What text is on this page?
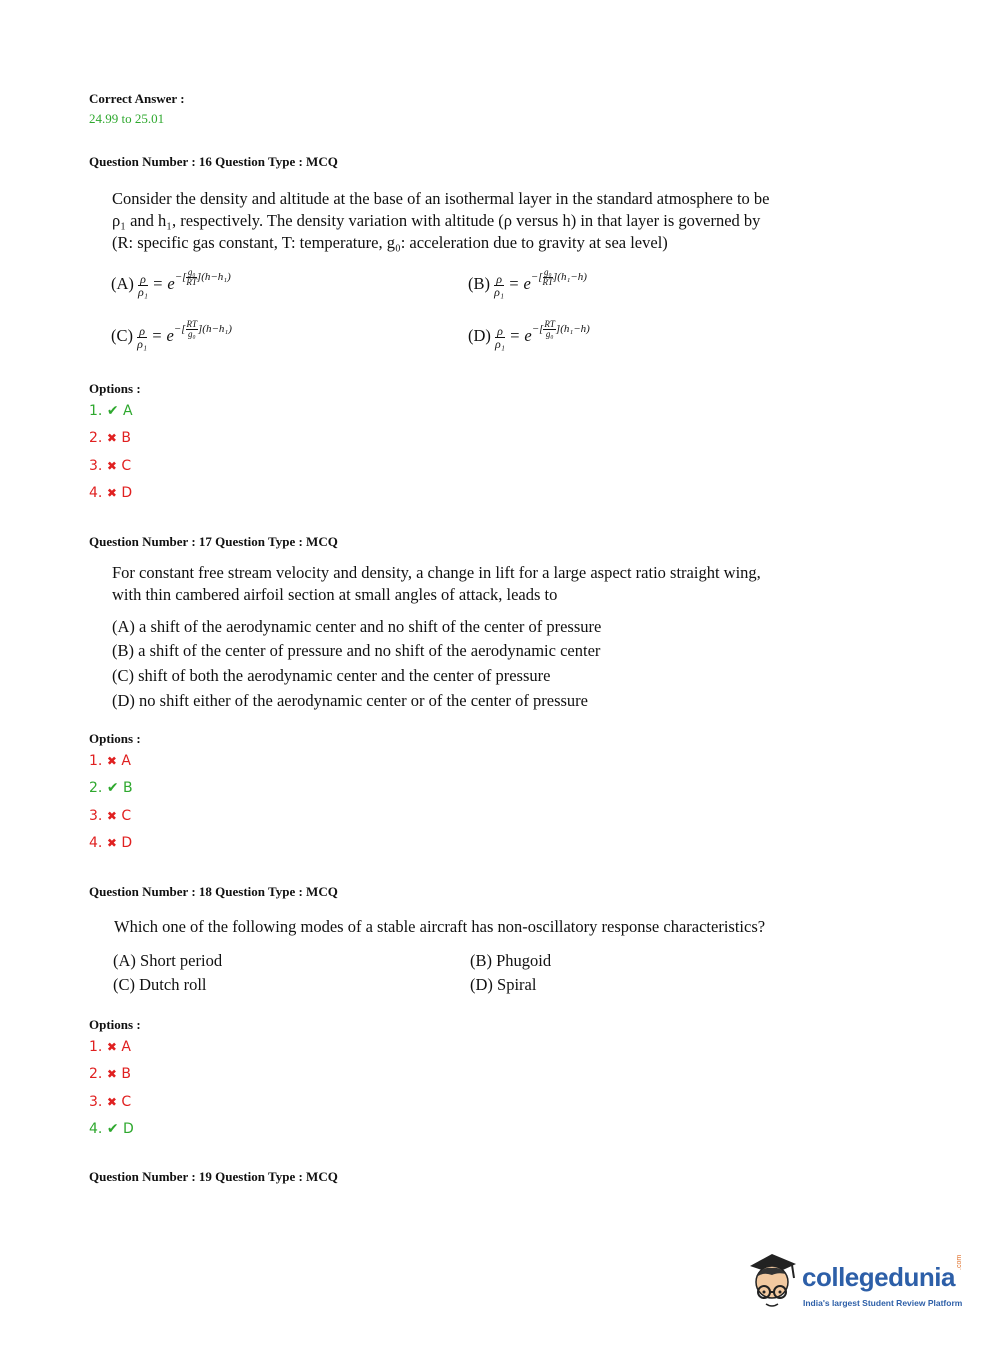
Correct Answer :
24.99 to 25.01
Question Number : 16 Question Type : MCQ
Consider the density and altitude at the base of an isothermal layer in the standard atmosphere to be
ρ₁ and h₁, respectively. The density variation with altitude (ρ versus h) in that layer is governed by
(R: specific gas constant, T: temperature, g₀: acceleration due to gravity at sea level)
$(A) \frac{\rho}{\text{ρ₁}} = e^{-[ \frac{\text{g₀}}{RT} ](h-h_1)}$	$(B) \frac{\rho}{\text{ρ₁}} = e^{-[ \frac{\text{g₀}}{RT} ](h_1-h)}$
$(C) \frac{\rho}{\text{ρ₁}} = e^{-[ \frac{RT}{\text{g₀}} ](h-h_1)}$	$(D) \frac{\rho}{\text{ρ₁}} = e^{-[ \frac{RT}{\text{g₀}} ](h_1-h)}$
Options :
1. ✔ A
2. ✖ B
3. ✖ C
4. ✖ D
Question Number : 17 Question Type : MCQ
For constant free stream velocity and density, a change in lift for a large aspect ratio straight wing,
with thin cambered airfoil section at small angles of attack, leads to
(A) a shift of the aerodynamic center and no shift of the center of pressure
(B) a shift of the center of pressure and no shift of the aerodynamic center
(C) shift of both the aerodynamic center and the center of pressure
(D) no shift either of the aerodynamic center or of the center of pressure
Options :
1. ✖ A
2. ✔ B
3. ✖ C
4. ✖ D
Question Number : 18 Question Type : MCQ
Which one of the following modes of a stable aircraft has non-oscillatory response characteristics?
(A) Short period	(B) Phugoid
(C) Dutch roll	(D) Spiral
Options :
1. ✖ A
2. ✖ B
3. ✖ C
4. ✔ D
Question Number : 19 Question Type : MCQ
collegedunia
India's largest Student Review Platform
.com
